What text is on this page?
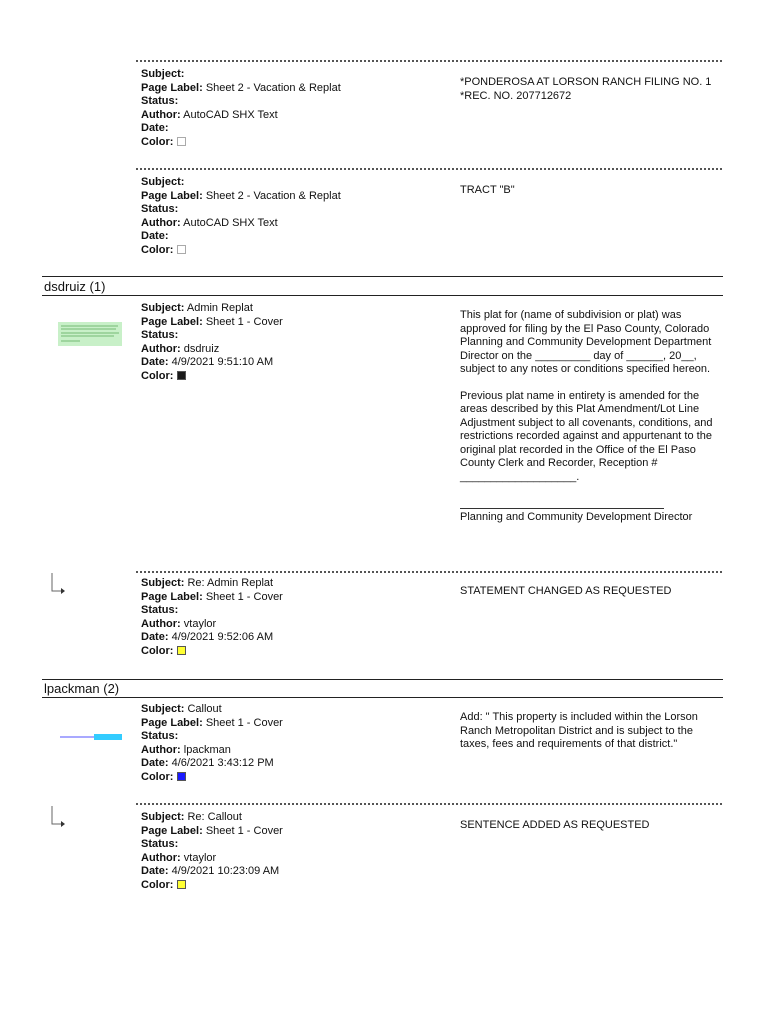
Subject:
Page Label: Sheet 2 - Vacation & Replat
Status:
Author: AutoCAD SHX Text
Date:
Color:

*PONDEROSA AT LORSON RANCH FILING NO. 1 *REC. NO. 207712672

Subject:
Page Label: Sheet 2 - Vacation & Replat
Status:
Author: AutoCAD SHX Text
Date:
Color:

TRACT "B"

dsdruiz (1)
Subject: Admin Replat
Page Label: Sheet 1 - Cover
Status:
Author: dsdruiz
Date: 4/9/2021 9:51:10 AM
Color:

This plat for (name of subdivision or plat) was approved for filing by the El Paso County, Colorado Planning and Community Development Department Director on the _________ day of ______, 20__, subject to any notes or conditions specified hereon.

Previous plat name in entirety is amended for the areas described by this Plat Amendment/Lot Line Adjustment subject to all covenants, conditions, and restrictions recorded against and appurtenant to the original plat recorded in the Office of the El Paso County Clerk and Recorder, Reception # ___________________.

Planning and Community Development Director

Subject: Re: Admin Replat
Page Label: Sheet 1 - Cover
Status:
Author: vtaylor
Date: 4/9/2021 9:52:06 AM
Color:

STATEMENT CHANGED AS REQUESTED

lpackman (2)
Subject: Callout
Page Label: Sheet 1 - Cover
Status:
Author: lpackman
Date: 4/6/2021 3:43:12 PM
Color:

Add: " This property is included within the Lorson Ranch Metropolitan District and is subject to the taxes, fees and requirements of that district."

Subject: Re: Callout
Page Label: Sheet 1 - Cover
Status:
Author: vtaylor
Date: 4/9/2021 10:23:09 AM
Color:

SENTENCE ADDED AS REQUESTED
